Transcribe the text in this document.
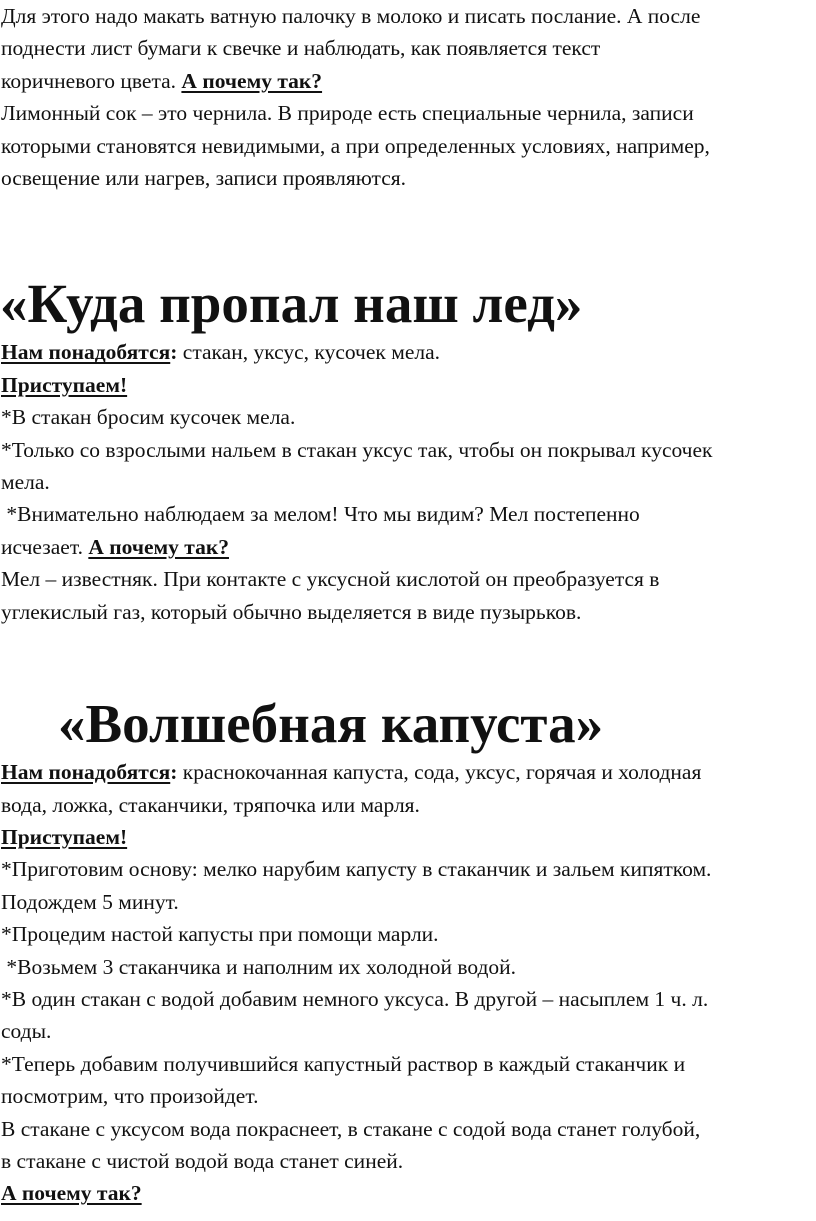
Для этого надо макать ватную палочку в молоко и писать послание. А после

поднести лист бумаги к свечке и наблюдать, как появляется текст

коричневого цвета. А почему так?

Лимонный сок – это чернила. В природе есть специальные чернила, записи

которыми становятся невидимыми, а при определенных условиях, например,

освещение или нагрев, записи проявляются.

«Куда пропал наш лед»

Нам понадобятся: стакан, уксус, кусочек мела.

Приступаем!

*В стакан бросим кусочек мела.

*Только со взрослыми нальем в стакан уксус так, чтобы он покрывал кусочек

мела.

*Внимательно наблюдаем за мелом! Что мы видим? Мел постепенно

исчезает. А почему так?

Мел – известняк. При контакте с уксусной кислотой он преобразуется в

углекислый газ, который обычно выделяется в виде пузырьков.

«Волшебная капуста»

Нам понадобятся: краснокочанная капуста, сода, уксус, горячая и холодная

вода, ложка, стаканчики, тряпочка или марля.

Приступаем!

*Приготовим основу: мелко нарубим капусту в стаканчик и зальем кипятком.

Подождем 5 минут.

*Процедим настой капусты при помощи марли.

*Возьмем 3 стаканчика и наполним их холодной водой.

*В один стакан с водой добавим немного уксуса. В другой – насыплем 1 ч. л.

соды.

*Теперь добавим получившийся капустный раствор в каждый стаканчик и

посмотрим, что произойдет.

В стакане с уксусом вода покраснеет, в стакане с содой вода станет голубой,

в стакане с чистой водой вода станет синей.

А почему так?
